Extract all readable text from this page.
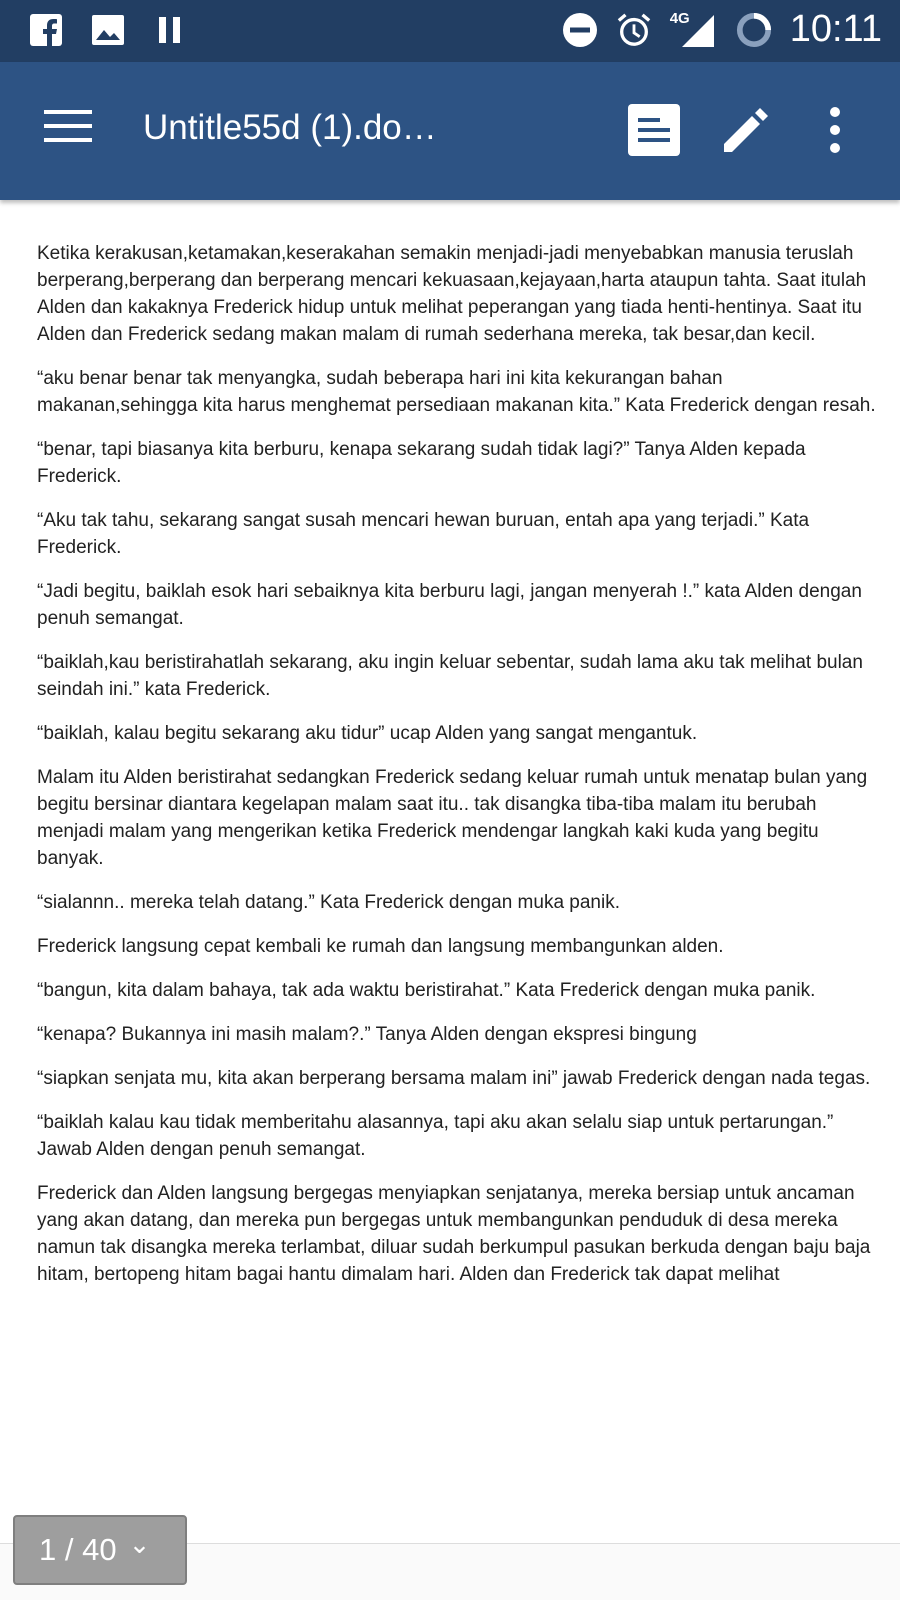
4G	10:11
Untitle55d (1).do…

Ketika kerakusan,ketamakan,keserakahan semakin menjadi-jadi menyebabkan manusia teruslah berperang,berperang dan berperang mencari kekuasaan,kejayaan,harta ataupun tahta. Saat itulah Alden dan kakaknya Frederick hidup untuk melihat peperangan yang tiada henti-hentinya. Saat itu Alden dan Frederick sedang makan malam di rumah sederhana mereka, tak besar,dan kecil.

“aku benar benar tak menyangka, sudah beberapa hari ini kita kekurangan bahan makanan,sehingga kita harus menghemat persediaan makanan kita.” Kata Frederick dengan resah.

“benar, tapi biasanya kita berburu, kenapa sekarang sudah tidak lagi?” Tanya Alden kepada Frederick.

“Aku tak tahu, sekarang sangat susah mencari hewan buruan, entah apa yang terjadi.” Kata Frederick.

“Jadi begitu, baiklah esok hari sebaiknya kita berburu lagi, jangan menyerah !.” kata Alden dengan penuh semangat.

“baiklah,kau beristirahatlah sekarang, aku ingin keluar sebentar, sudah lama aku tak melihat bulan seindah ini.” kata Frederick.

“baiklah, kalau begitu sekarang aku tidur” ucap Alden yang sangat mengantuk.

Malam itu Alden beristirahat sedangkan Frederick sedang keluar rumah untuk menatap bulan yang begitu bersinar diantara kegelapan malam saat itu.. tak disangka tiba-tiba malam itu berubah menjadi malam yang mengerikan ketika Frederick mendengar langkah kaki kuda yang begitu banyak.

“sialannn.. mereka telah datang.” Kata Frederick dengan muka panik.

Frederick langsung cepat kembali ke rumah dan langsung membangunkan alden.

“bangun, kita dalam bahaya, tak ada waktu beristirahat.” Kata Frederick dengan muka panik.

“kenapa? Bukannya ini masih malam?.” Tanya Alden dengan ekspresi bingung

“siapkan senjata mu, kita akan berperang bersama malam ini” jawab Frederick dengan nada tegas.

“baiklah kalau kau tidak memberitahu alasannya, tapi aku akan selalu siap untuk pertarungan.” Jawab Alden dengan penuh semangat.

Frederick dan Alden langsung bergegas menyiapkan senjatanya, mereka bersiap untuk ancaman yang akan datang, dan mereka pun bergegas untuk membangunkan penduduk di desa mereka namun tak disangka mereka terlambat, diluar sudah berkumpul pasukan berkuda dengan baju baja hitam, bertopeng hitam bagai hantu dimalam hari. Alden dan Frederick tak dapat melihat

1 / 40 ⌄
